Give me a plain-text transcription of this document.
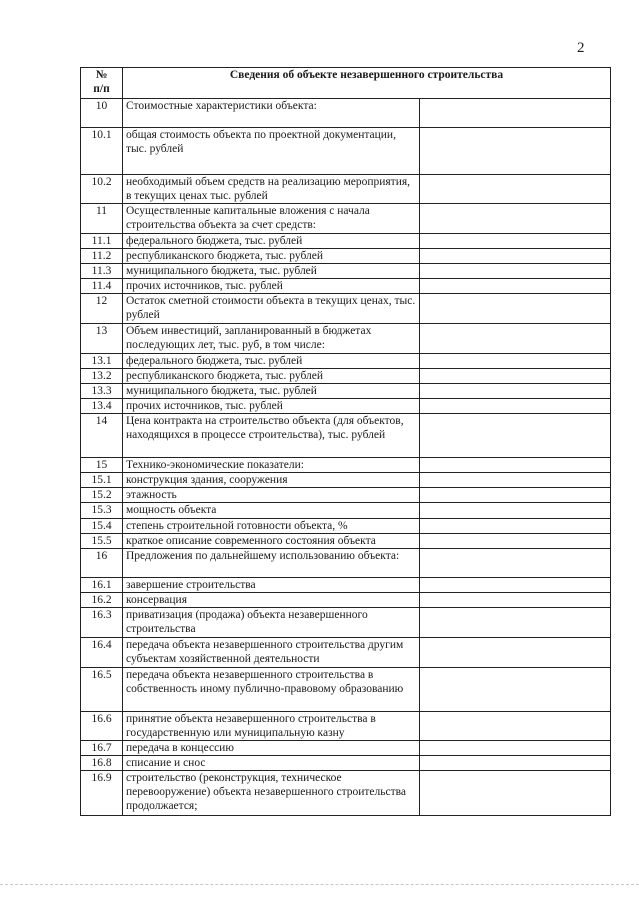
2
№
п/п	Сведения об объекте незавершенного строительства	
10	Стоимостные характеристики объекта:	
10.1	общая стоимость объекта по проектной документации, тыс. рублей	
10.2	необходимый объем средств на реализацию мероприятия, в текущих ценах тыс. рублей	
11	Осуществленные капитальные вложения с начала строительства объекта за счет средств:	
11.1	федерального бюджета, тыс. рублей	
11.2	республиканского бюджета, тыс. рублей	
11.3	муниципального бюджета, тыс. рублей	
11.4	прочих источников, тыс. рублей	
12	Остаток сметной стоимости объекта в текущих ценах, тыс. рублей	
13	Объем инвестиций, запланированный в бюджетах последующих лет, тыс. руб, в том числе:	
13.1	федерального бюджета, тыс. рублей	
13.2	республиканского бюджета, тыс. рублей	
13.3	муниципального бюджета, тыс. рублей	
13.4	прочих источников, тыс. рублей	
14	Цена контракта на строительство объекта (для объектов, находящихся в процессе строительства), тыс. рублей	
15	Технико-экономические показатели:	
15.1	конструкция здания, сооружения	
15.2	этажность	
15.3	мощность объекта	
15.4	степень строительной готовности объекта, %	
15.5	краткое описание современного состояния объекта	
16	Предложения по дальнейшему использованию объекта:	
16.1	завершение строительства	
16.2	консервация	
16.3	приватизация (продажа) объекта незавершенного строительства	
16.4	передача объекта незавершенного строительства другим субъектам хозяйственной деятельности	
16.5	передача объекта незавершенного строительства в собственность иному публично-правовому образованию	
16.6	принятие объекта незавершенного строительства в государственную или муниципальную казну	
16.7	передача в концессию	
16.8	списание и снос	
16.9	строительство (реконструкция, техническое перевооружение) объекта незавершенного строительства продолжается;	
